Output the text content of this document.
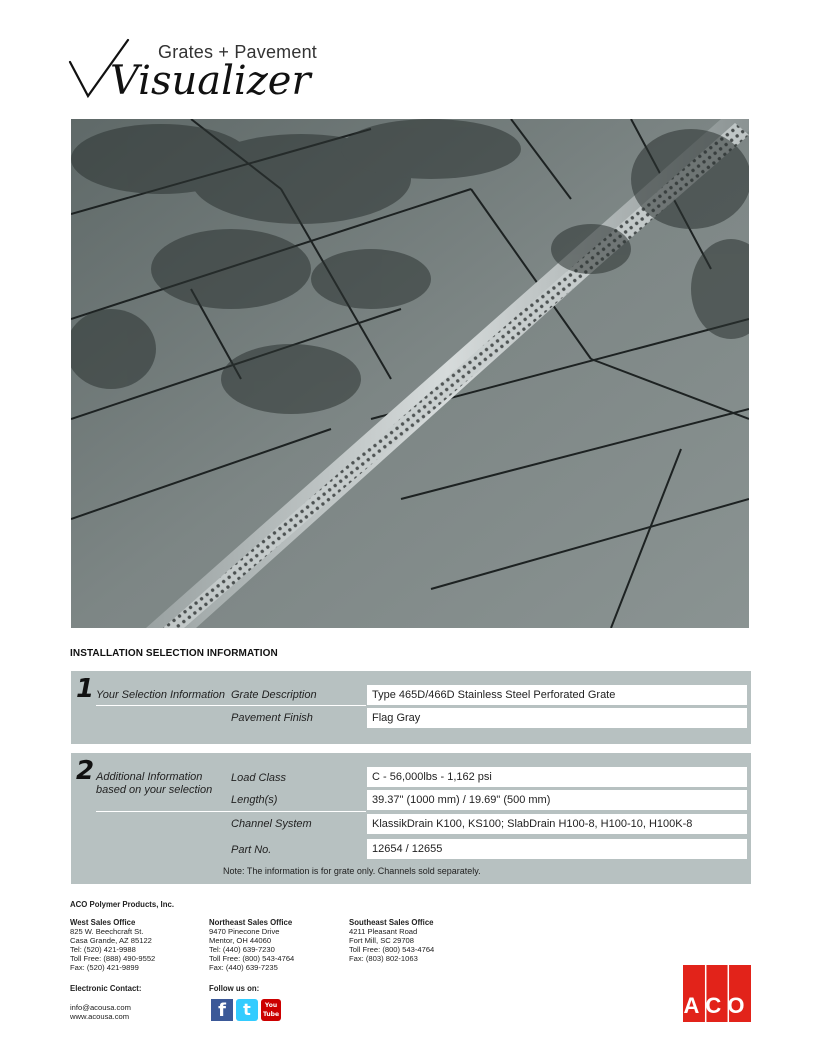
Visualizer
Grates + Pavement
INSTALLATION SELECTION INFORMATION
1 Your Selection Information Grate Description	Type 465D/466D Stainless Steel Perforated Grate
Pavement Finish	Flag Gray
2 Additional Information
based on your selection
Load Class	C - 56,000lbs - 1,162 psi
Length(s)	39.37" (1000 mm) / 19.69" (500 mm)
Channel System	KlassikDrain K100, KS100; SlabDrain H100-8, H100-10, H100K-8
Part No.	12654 / 12655
Note: The information is for grate only. Channels sold separately.
ACO Polymer Products, Inc.
West Sales Office
825 W. Beechcraft St.
Casa Grande, AZ 85122
Tel: (520) 421-9988
Toll Free: (888) 490-9552
Fax: (520) 421-9899
Northeast Sales Office
9470 Pinecone Drive
Mentor, OH 44060
Tel: (440) 639-7230
Toll Free: (800) 543-4764
Fax: (440) 639-7235
Southeast Sales Office
4211 Pleasant Road
Fort Mill, SC 29708
Toll Free: (800) 543-4764
Fax: (803) 802-1063
Electronic Contact:
info@acousa.com
www.acousa.com
Follow us on:
f	t	You Tube	ACO
